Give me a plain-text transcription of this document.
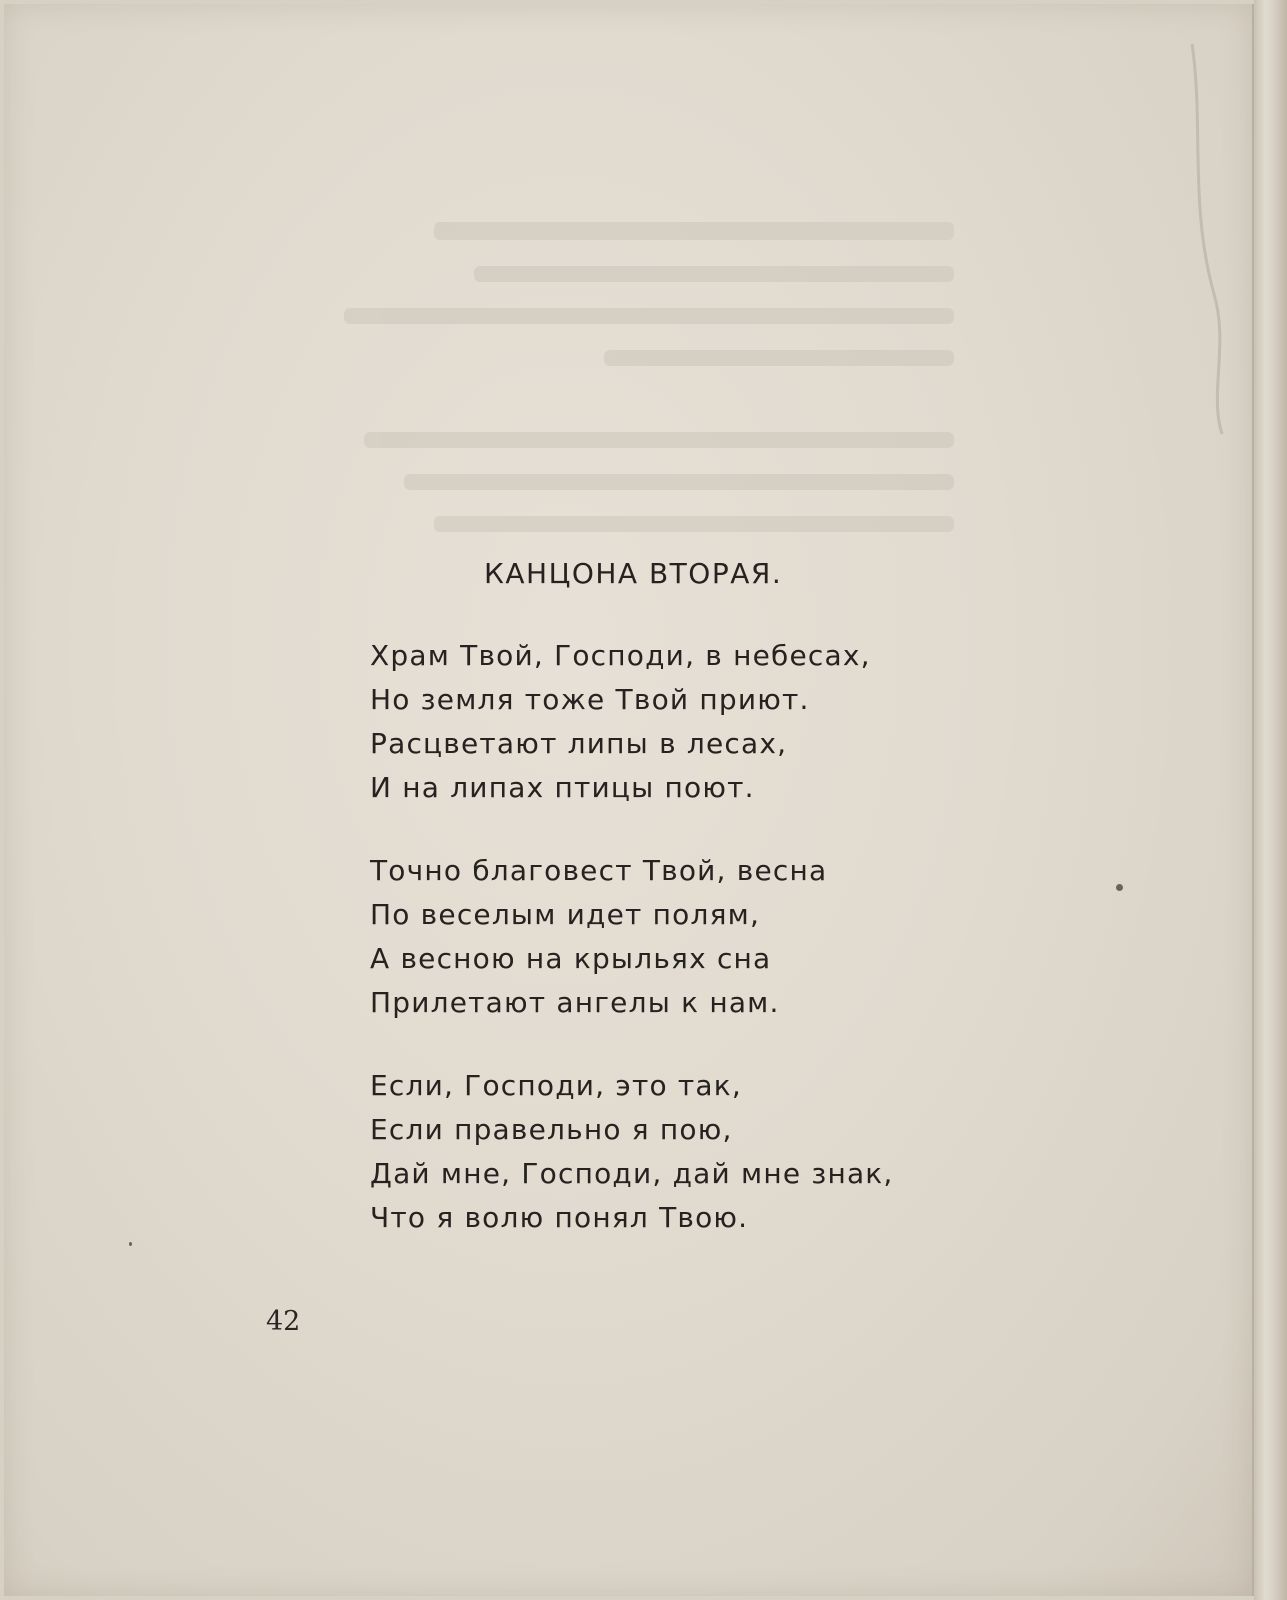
КАНЦОНА ВТОРАЯ.
Храм Твой, Господи, в небесах,
Но земля тоже Твой приют.
Расцветают липы в лесах,
И на липах птицы поют.
Точно благовест Твой, весна
По веселым идет полям,
А весною на крыльях сна
Прилетают ангелы к нам.
Если, Господи, это так,
Если правельно я пою,
Дай мне, Господи, дай мне знак,
Что я волю понял Твою.
42
